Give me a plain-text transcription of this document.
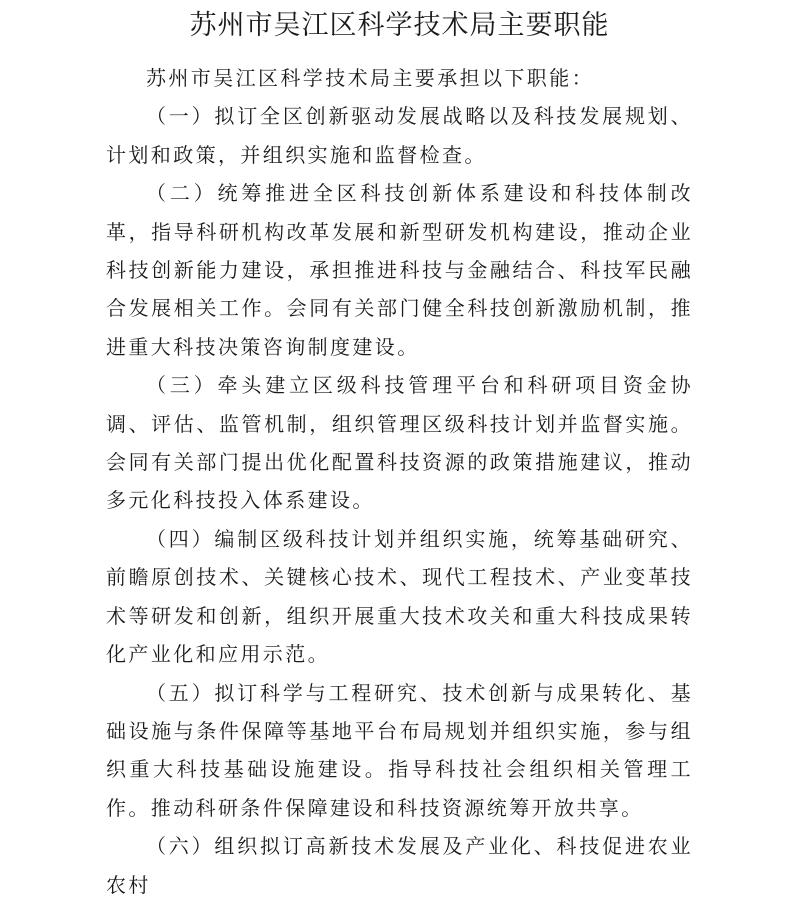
苏州市吴江区科学技术局主要职能

苏州市吴江区科学技术局主要承担以下职能：

（一）拟订全区创新驱动发展战略以及科技发展规划、计划和政策，并组织实施和监督检查。

（二）统筹推进全区科技创新体系建设和科技体制改革，指导科研机构改革发展和新型研发机构建设，推动企业科技创新能力建设，承担推进科技与金融结合、科技军民融合发展相关工作。会同有关部门健全科技创新激励机制，推进重大科技决策咨询制度建设。

（三）牵头建立区级科技管理平台和科研项目资金协调、评估、监管机制，组织管理区级科技计划并监督实施。会同有关部门提出优化配置科技资源的政策措施建议，推动多元化科技投入体系建设。

（四）编制区级科技计划并组织实施，统筹基础研究、前瞻原创技术、关键核心技术、现代工程技术、产业变革技术等研发和创新，组织开展重大技术攻关和重大科技成果转化产业化和应用示范。

（五）拟订科学与工程研究、技术创新与成果转化、基础设施与条件保障等基地平台布局规划并组织实施，参与组织重大科技基础设施建设。指导科技社会组织相关管理工作。推动科研条件保障建设和科技资源统筹开放共享。

（六）组织拟订高新技术发展及产业化、科技促进农业农村
